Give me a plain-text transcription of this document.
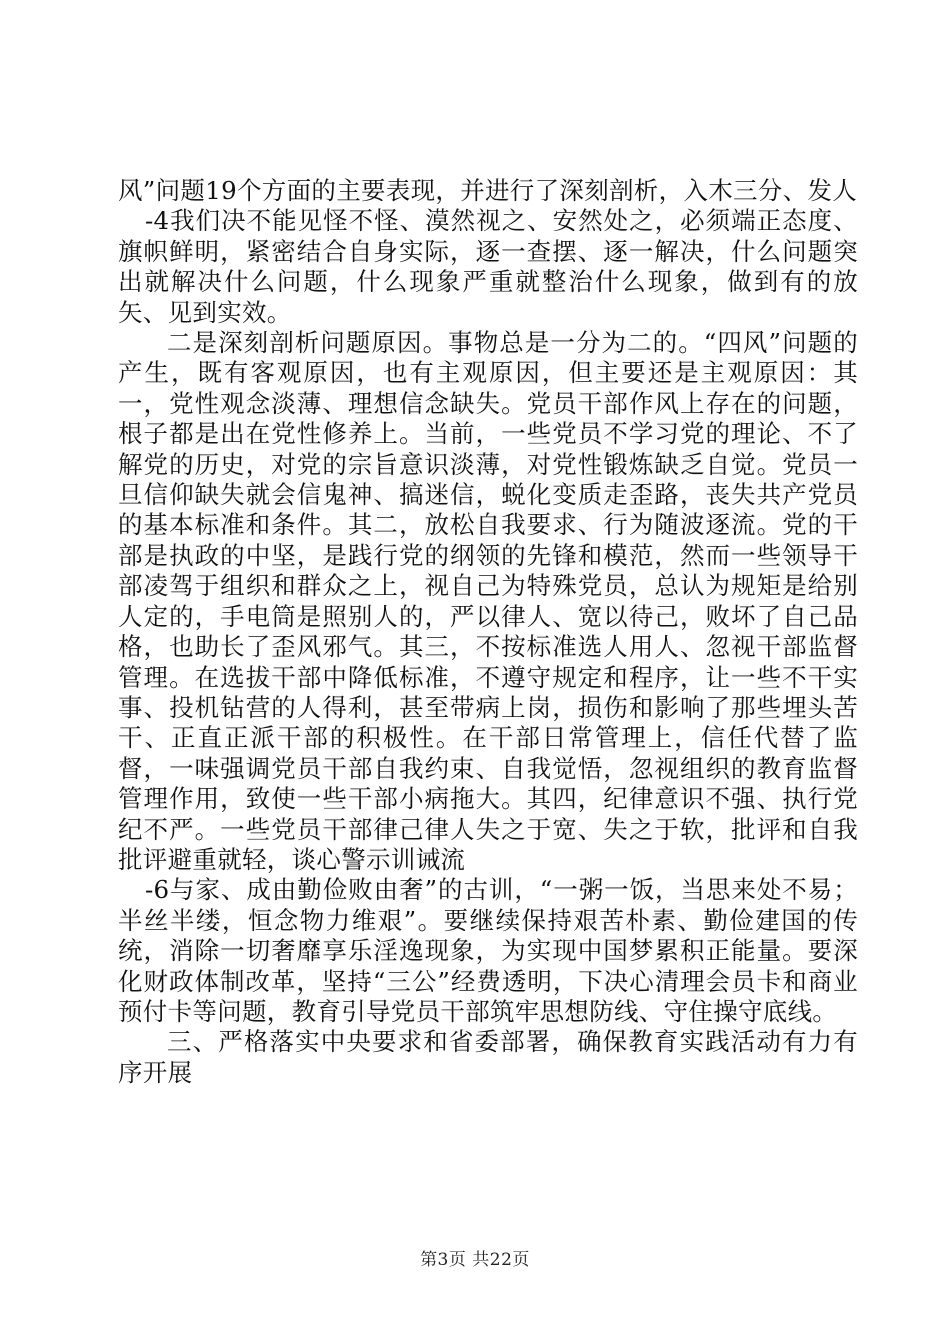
风”问题19个方面的主要表现，并进行了深刻剖析，入木三分、发人

-4我们决不能见怪不怪、漠然视之、安然处之，必须端正态度、旗帜鲜明，紧密结合自身实际，逐一查摆、逐一解决，什么问题突出就解决什么问题，什么现象严重就整治什么现象，做到有的放矢、见到实效。

二是深刻剖析问题原因。事物总是一分为二的。“四风”问题的产生，既有客观原因，也有主观原因，但主要还是主观原因：其一，党性观念淡薄、理想信念缺失。党员干部作风上存在的问题，根子都是出在党性修养上。当前，一些党员不学习党的理论、不了解党的历史，对党的宗旨意识淡薄，对党性锻炼缺乏自觉。党员一旦信仰缺失就会信鬼神、搞迷信，蜕化变质走歪路，丧失共产党员的基本标准和条件。其二，放松自我要求、行为随波逐流。党的干部是执政的中坚，是践行党的纲领的先锋和模范，然而一些领导干部凌驾于组织和群众之上，视自己为特殊党员，总认为规矩是给别人定的，手电筒是照别人的，严以律人、宽以待己，败坏了自己品格，也助长了歪风邪气。其三，不按标准选人用人、忽视干部监督管理。在选拔干部中降低标准，不遵守规定和程序，让一些不干实事、投机钻营的人得利，甚至带病上岗，损伤和影响了那些埋头苦干、正直正派干部的积极性。在干部日常管理上，信任代替了监督，一味强调党员干部自我约束、自我觉悟，忽视组织的教育监督管理作用，致使一些干部小病拖大。其四，纪律意识不强、执行党纪不严。一些党员干部律己律人失之于宽、失之于软，批评和自我批评避重就轻，谈心警示训诫流

-6与家、成由勤俭败由奢”的古训，“一粥一饭，当思来处不易；半丝半缕，恒念物力维艰”。要继续保持艰苦朴素、勤俭建国的传统，消除一切奢靡享乐淫逸现象，为实现中国梦累积正能量。要深化财政体制改革，坚持“三公”经费透明，下决心清理会员卡和商业预付卡等问题，教育引导党员干部筑牢思想防线、守住操守底线。

三、严格落实中央要求和省委部署，确保教育实践活动有力有序开展

第3页 共22页
